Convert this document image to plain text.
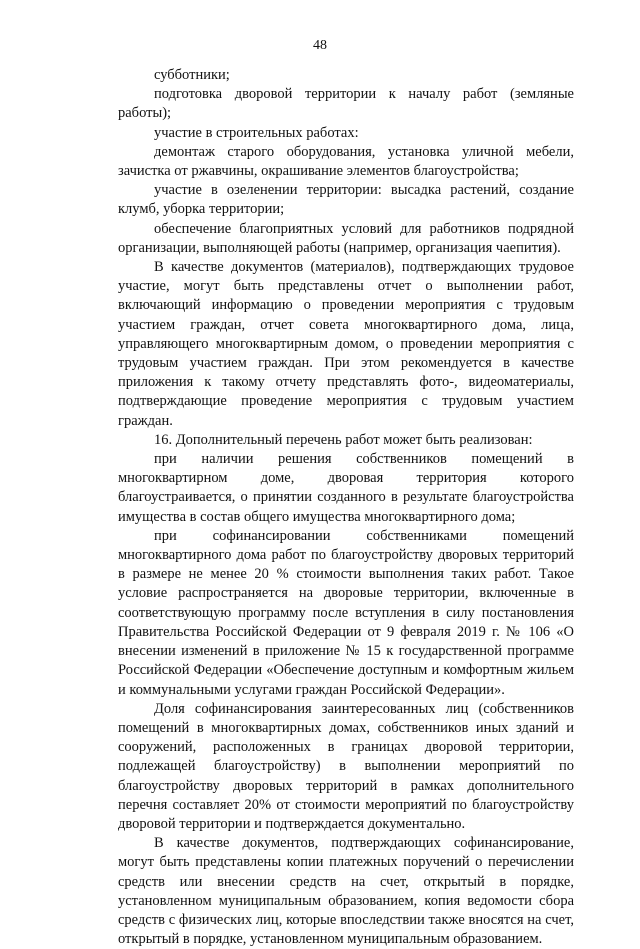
48

субботники;

подготовка дворовой территории к началу работ (земляные работы);

участие в строительных работах:

демонтаж старого оборудования, установка уличной мебели, зачистка от ржавчины, окрашивание элементов благоустройства;

участие в озеленении территории: высадка растений, создание клумб, уборка территории;

обеспечение благоприятных условий для работников подрядной организации, выполняющей работы (например, организация чаепития).

В качестве документов (материалов), подтверждающих трудовое участие, могут быть представлены отчет о выполнении работ, включающий информацию о проведении мероприятия с трудовым участием граждан, отчет совета многоквартирного дома, лица, управляющего многоквартирным домом, о проведении мероприятия с трудовым участием граждан. При этом рекомендуется в качестве приложения к такому отчету представлять фото-, видеоматериалы, подтверждающие проведение мероприятия с трудовым участием граждан.

16. Дополнительный перечень работ может быть реализован:

при наличии решения собственников помещений в многоквартирном доме, дворовая территория которого благоустраивается, о принятии созданного в результате благоустройства имущества в состав общего имущества многоквартирного дома;

при софинансировании собственниками помещений многоквартирного дома работ по благоустройству дворовых территорий в размере не менее 20 % стоимости выполнения таких работ. Такое условие распространяется на дворовые территории, включенные в соответствующую программу после вступления в силу постановления Правительства Российской Федерации от 9 февраля 2019 г. № 106 «О внесении изменений в приложение № 15 к государственной программе Российской Федерации «Обеспечение доступным и комфортным жильем и коммунальными услугами граждан Российской Федерации».

Доля софинансирования заинтересованных лиц (собственников помещений в многоквартирных домах, собственников иных зданий и сооружений, расположенных в границах дворовой территории, подлежащей благоустройству) в выполнении мероприятий по благоустройству дворовых территорий в рамках дополнительного перечня составляет 20% от стоимости мероприятий по благоустройству дворовой территории и подтверждается документально.

В качестве документов, подтверждающих софинансирование, могут быть представлены копии платежных поручений о перечислении средств или внесении средств на счет, открытый в порядке, установленном муниципальным образованием, копия ведомости сбора средств с физических лиц, которые впоследствии также вносятся на счет, открытый в порядке, установленном муниципальным образованием.
